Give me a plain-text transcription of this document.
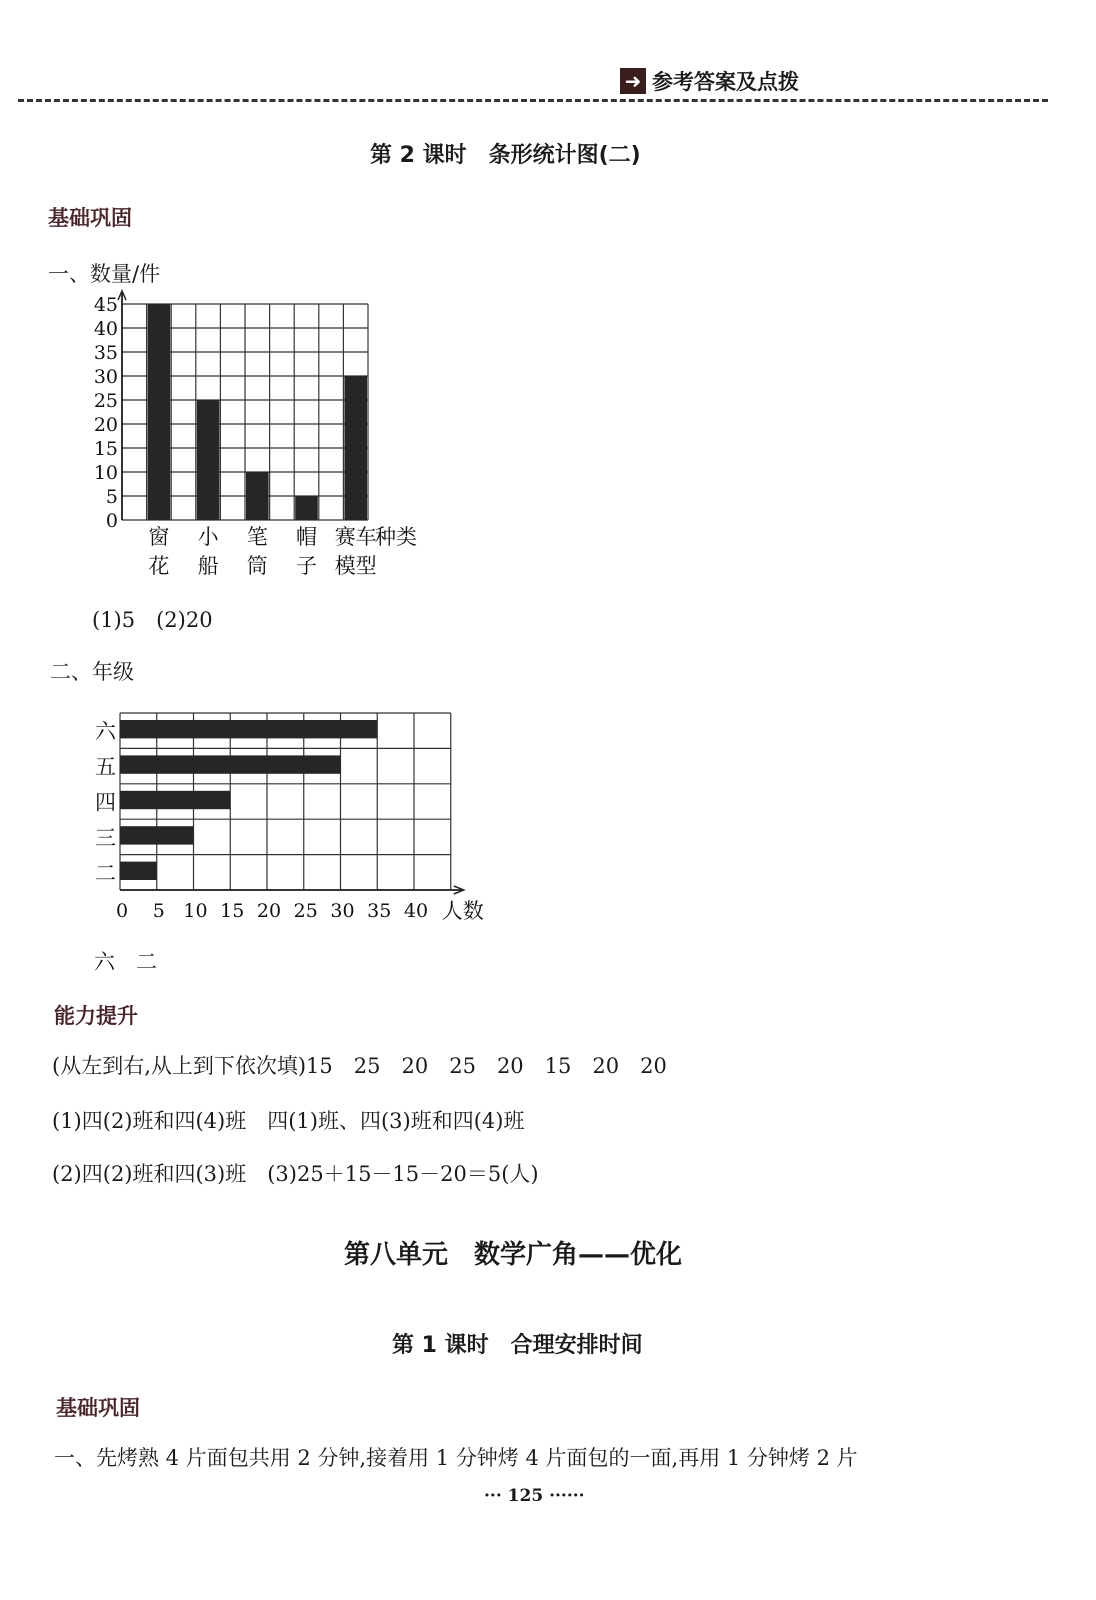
➜ 参考答案及点拨
第 2 课时　条形统计图(二)
基础巩固
一、数量/件
0
5
10
15
20
25
30
35
40
45
窗
花
小
船
笔
筒
帽
子
赛车
模型
种类
(1)5　(2)20
二、年级
六
五
四
三
二
0 5 10 15 20 25 30 35 40 人数
六　二
能力提升
(从左到右,从上到下依次填)15　25　20　25　20　15　20　20
(1)四(2)班和四(4)班　四(1)班、四(3)班和四(4)班
(2)四(2)班和四(3)班　(3)25＋15－15－20＝5(人)
第八单元　数学广角——优化
第 1 课时　合理安排时间
基础巩固
一、先烤熟 4 片面包共用 2 分钟,接着用 1 分钟烤 4 片面包的一面,再用 1 分钟烤 2 片
··· 125 ······
